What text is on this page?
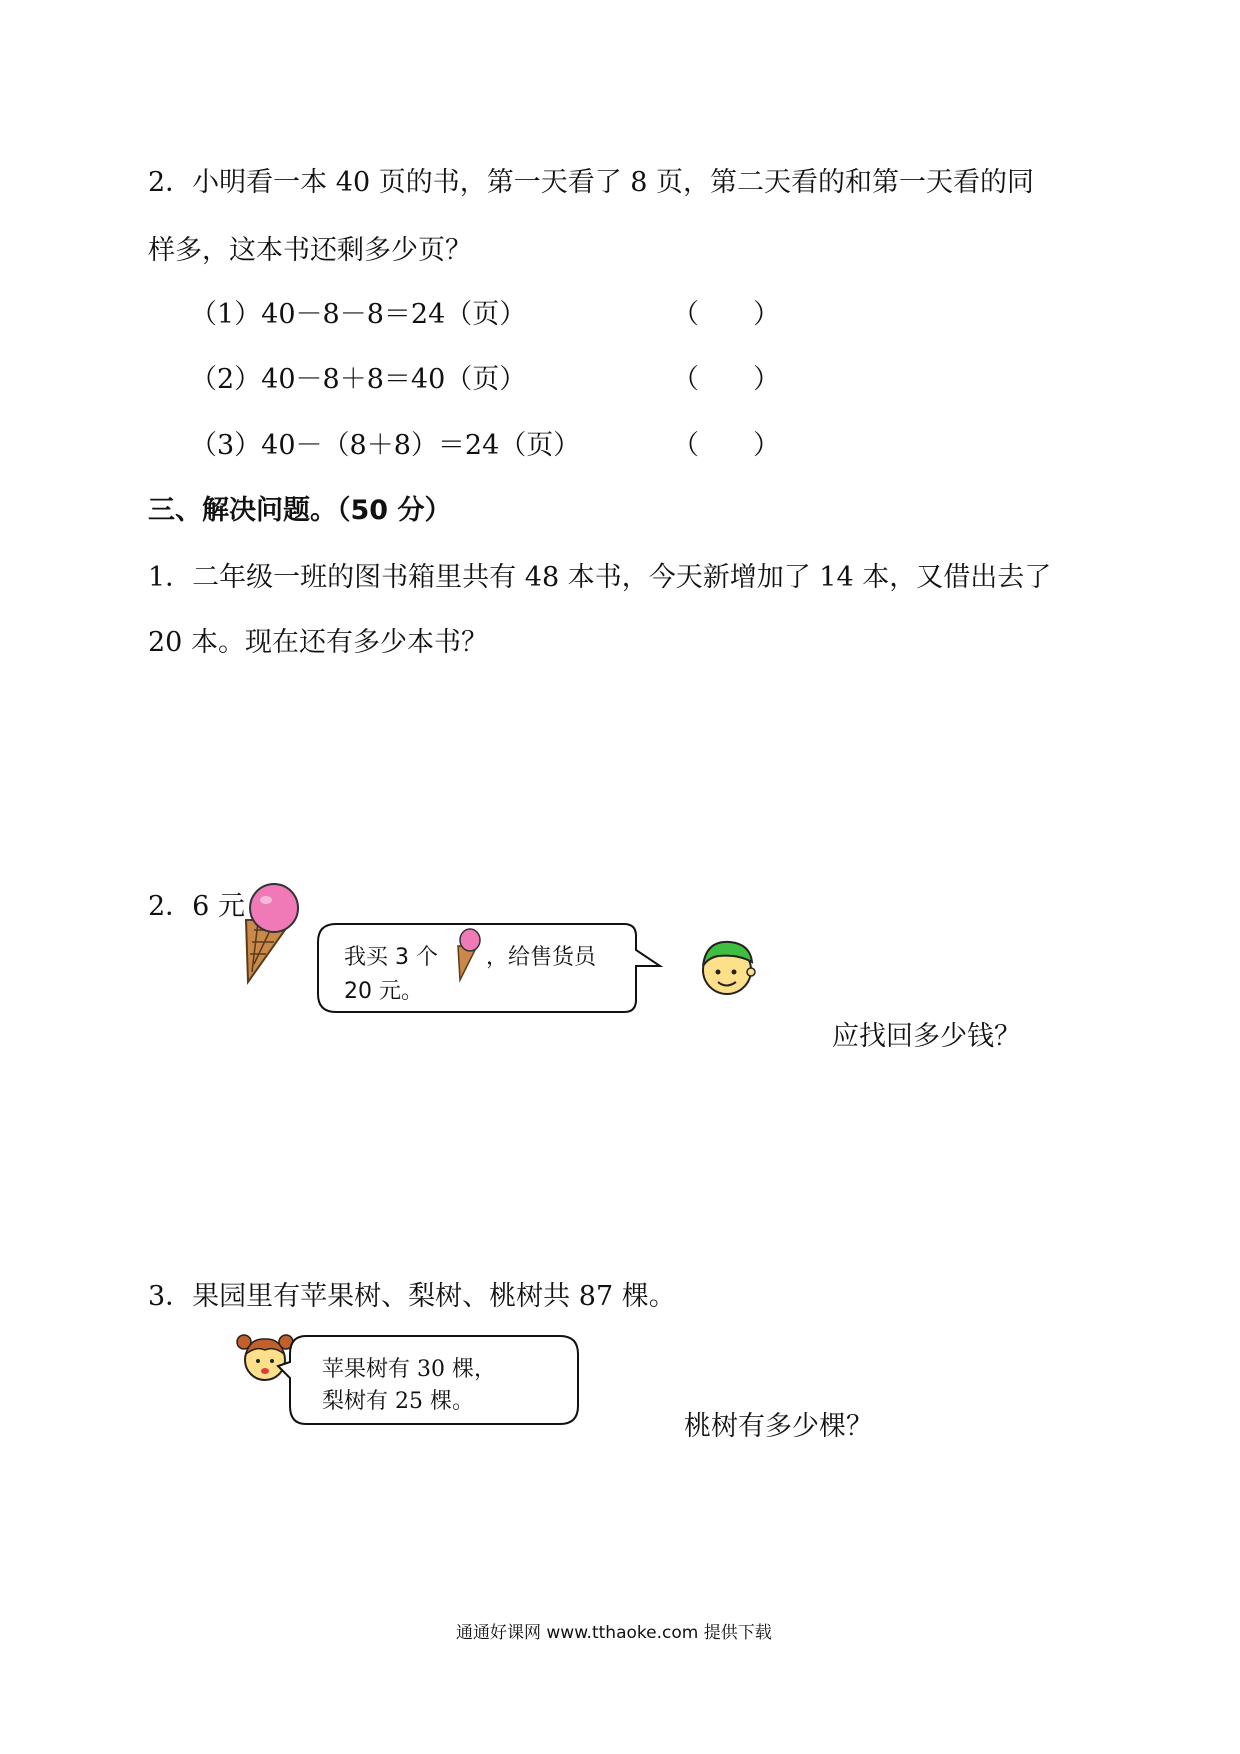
2．小明看一本 40 页的书，第一天看了 8 页，第二天看的和第一天看的同
样多，这本书还剩多少页？
（1）40－8－8＝24（页）	（　　）
（2）40－8＋8＝40（页）	（　　）
（3）40－（8＋8）＝24（页）	（　　）
三、解决问题。（50 分）
1．二年级一班的图书箱里共有 48 本书，今天新增加了 14 本，又借出去了
20 本。现在还有多少本书？
2．6 元
我买 3 个 ，给售货员
20 元。
应找回多少钱？
3．果园里有苹果树、梨树、桃树共 87 棵。
苹果树有 30 棵，
梨树有 25 棵。
桃树有多少棵？
通通好课网 www.tthaoke.com 提供下载
